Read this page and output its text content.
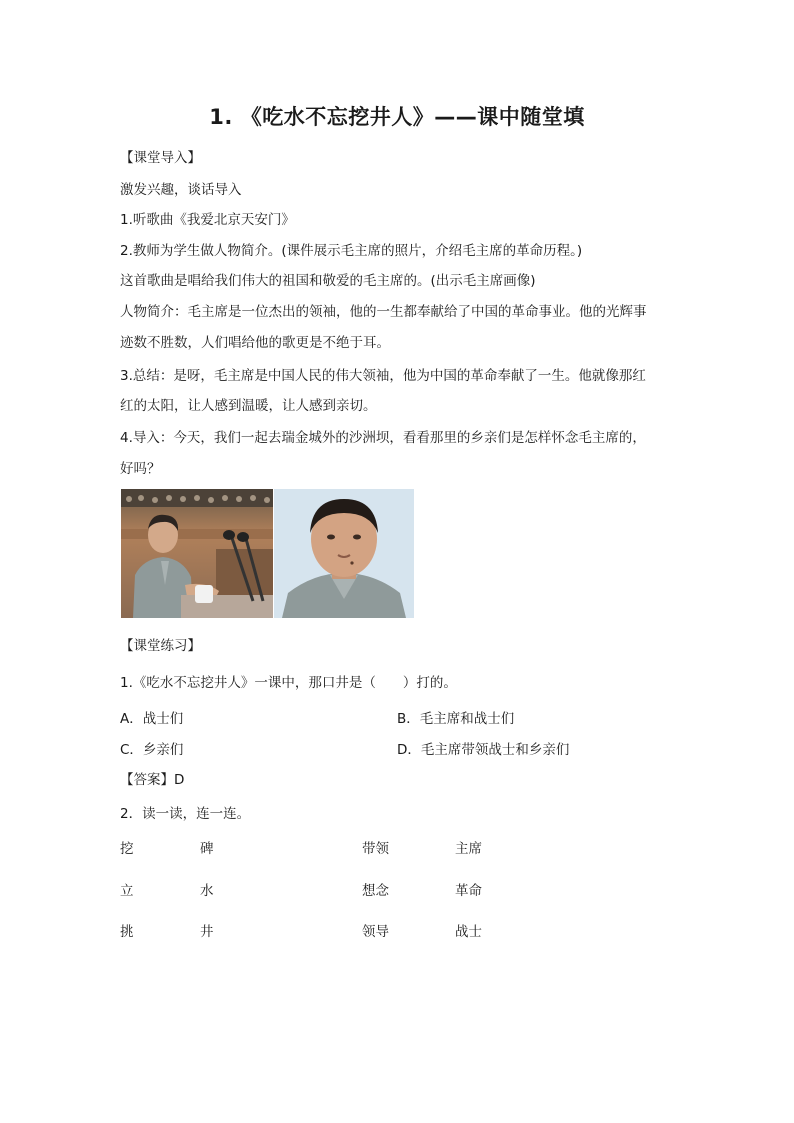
1. 《吃水不忘挖井人》——课中随堂填
【课堂导入】
激发兴趣，谈话导入
1.听歌曲《我爱北京天安门》
2.教师为学生做人物简介。(课件展示毛主席的照片，介绍毛主席的革命历程。)
这首歌曲是唱给我们伟大的祖国和敬爱的毛主席的。(出示毛主席画像)
人物简介：毛主席是一位杰出的领袖，他的一生都奉献给了中国的革命事业。他的光辉事
迹数不胜数，人们唱给他的歌更是不绝于耳。
3.总结：是呀，毛主席是中国人民的伟大领袖，他为中国的革命奉献了一生。他就像那红
红的太阳，让人感到温暖，让人感到亲切。
4.导入：今天，我们一起去瑞金城外的沙洲坝，看看那里的乡亲们是怎样怀念毛主席的，
好吗？
【课堂练习】
1.《吃水不忘挖井人》一课中，那口井是（　　）打的。
A．战士们	B．毛主席和战士们
C．乡亲们	D．毛主席带领战士和乡亲们
【答案】D
2．读一读，连一连。
挖	碑	带领	主席
立	水	想念	革命
挑	井	领导	战士
